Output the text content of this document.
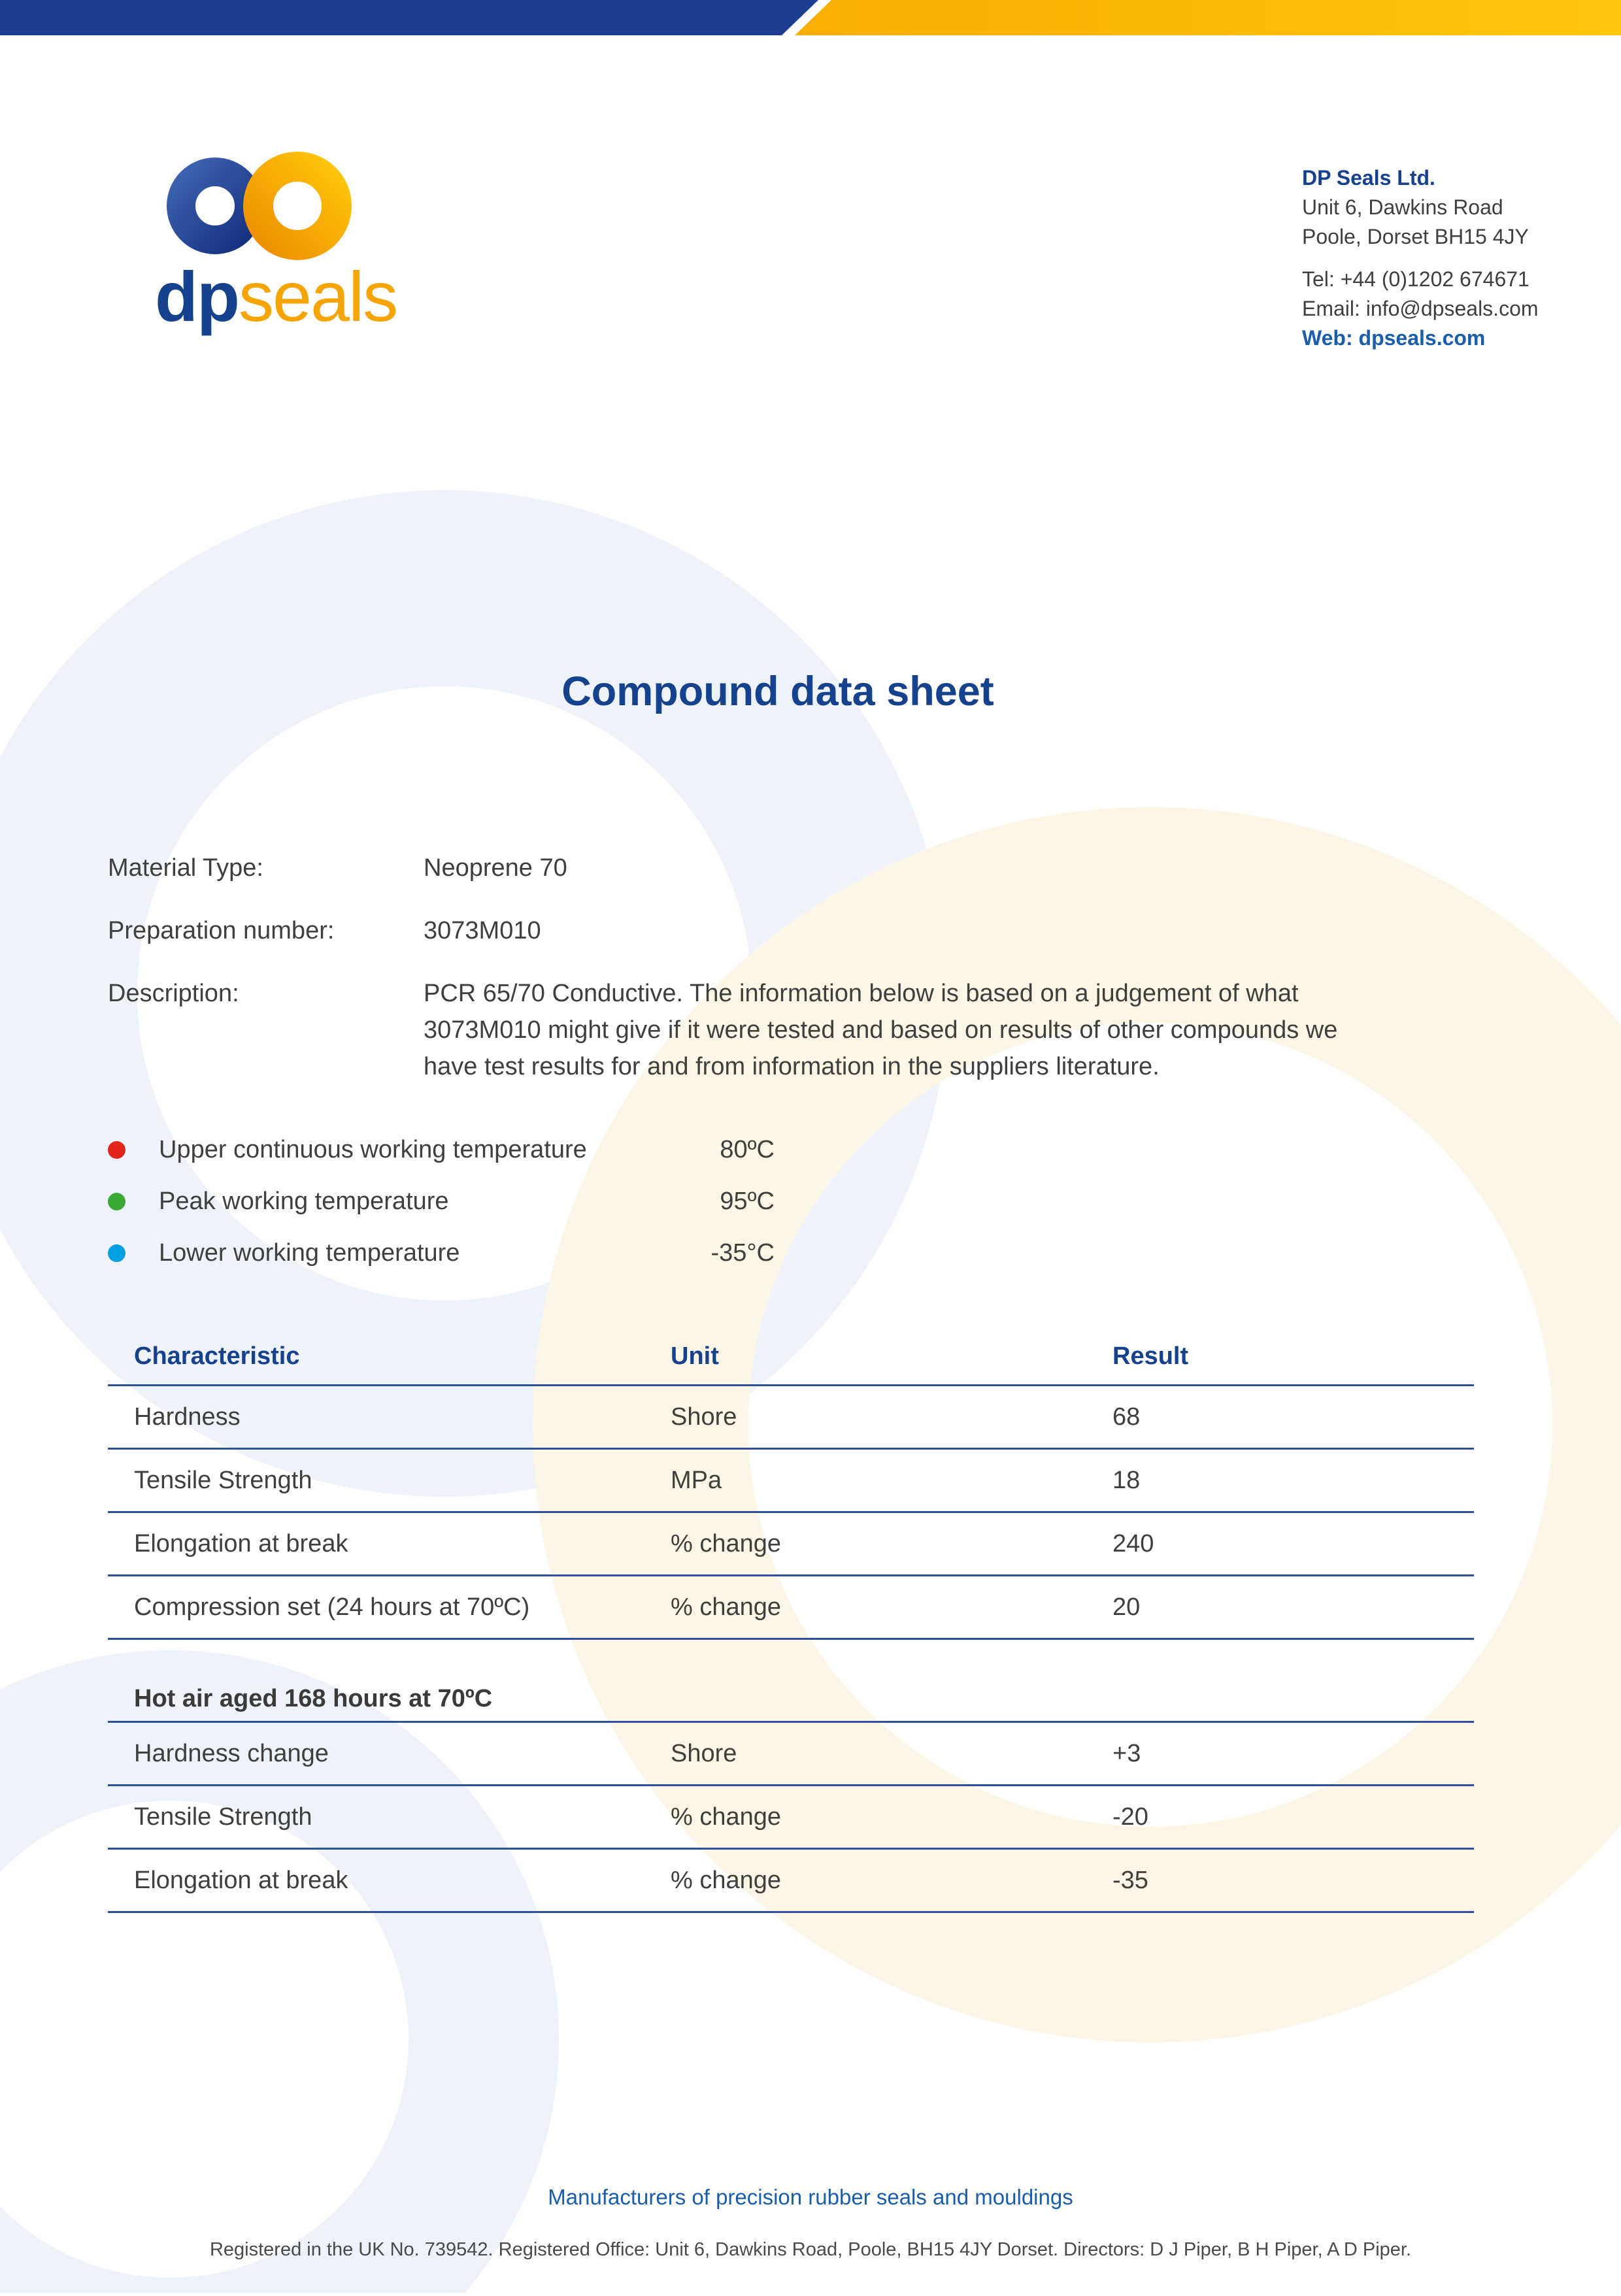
dpseals
DP Seals Ltd.
Unit 6, Dawkins Road
Poole, Dorset BH15 4JY
Tel: +44 (0)1202 674671
Email: info@dpseals.com
Web: dpseals.com
Compound data sheet
Material Type:	Neoprene 70
Preparation number:	3073M010
Description:	PCR 65/70 Conductive. The information below is based on a judgement of what 3073M010 might give if it were tested and based on results of other compounds we have test results for and from information in the suppliers literature.
Upper continuous working temperature	80ºC
Peak working temperature	95ºC
Lower working temperature	-35°C
Characteristic	Unit	Result
Hardness	Shore	68
Tensile Strength	MPa	18
Elongation at break	% change	240
Compression set (24 hours at 70ºC)	% change	20
Hot air aged 168 hours at 70ºC
Hardness change	Shore	+3
Tensile Strength	% change	-20
Elongation at break	% change	-35
Manufacturers of precision rubber seals and mouldings
Registered in the UK No. 739542. Registered Office: Unit 6, Dawkins Road, Poole, BH15 4JY Dorset. Directors: D J Piper, B H Piper, A D Piper.
